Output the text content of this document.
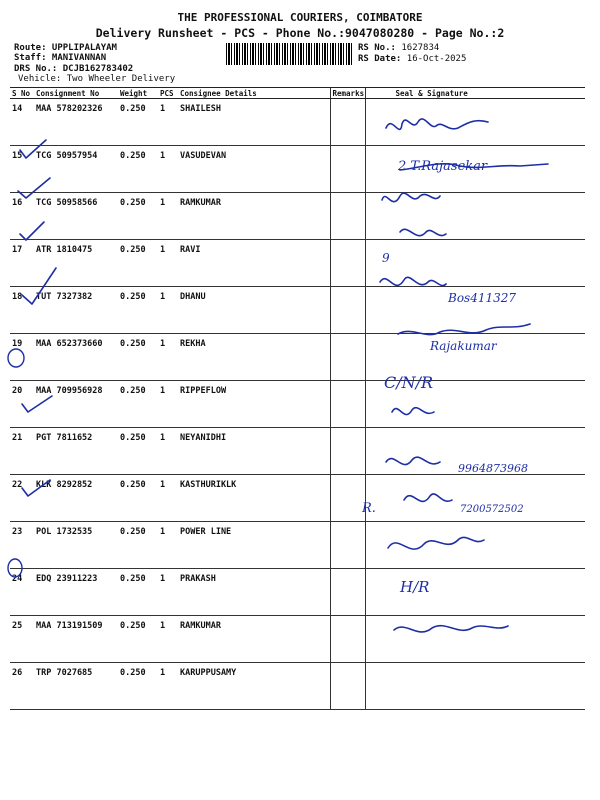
THE PROFESSIONAL COURIERS, COIMBATORE
Delivery Runsheet - PCS - Phone No.:9047080280 - Page No.:2
Route: UPPLIPALAYAM
Staff: MANIVANNAN
DRS No.: DCJB162783402
Vehicle: Two Wheeler Delivery
RS No.: 1627834
RS Date: 16-Oct-2025
S No	Consignment No	Weight	PCS	Consignee Details	Remarks	Seal & Signature
14	MAA 578202326	0.250	1	SHAILESH		
15	TCG 50957954	0.250	1	VASUDEVAN		
16	TCG 50958566	0.250	1	RAMKUMAR		
17	ATR 1810475	0.250	1	RAVI		
18	TUT 7327382	0.250	1	DHANU		
19	MAA 652373660	0.250	1	REKHA		
20	MAA 709956928	0.250	1	RIPPEFLOW		
21	PGT 7811652	0.250	1	NEYANIDHI		
22	KLK 8292852	0.250	1	KASTHURIKLK		
23	POL 1732535	0.250	1	POWER LINE		
24	EDQ 23911223	0.250	1	PRAKASH		
25	MAA 713191509	0.250	1	RAMKUMAR		
26	TRP 7027685	0.250	1	KARUPPUSAMY		
2 T.Rajasekar
9
Bos411327
Rajakumar
C/N/R
9964873968
R.	7200572502
H/R
